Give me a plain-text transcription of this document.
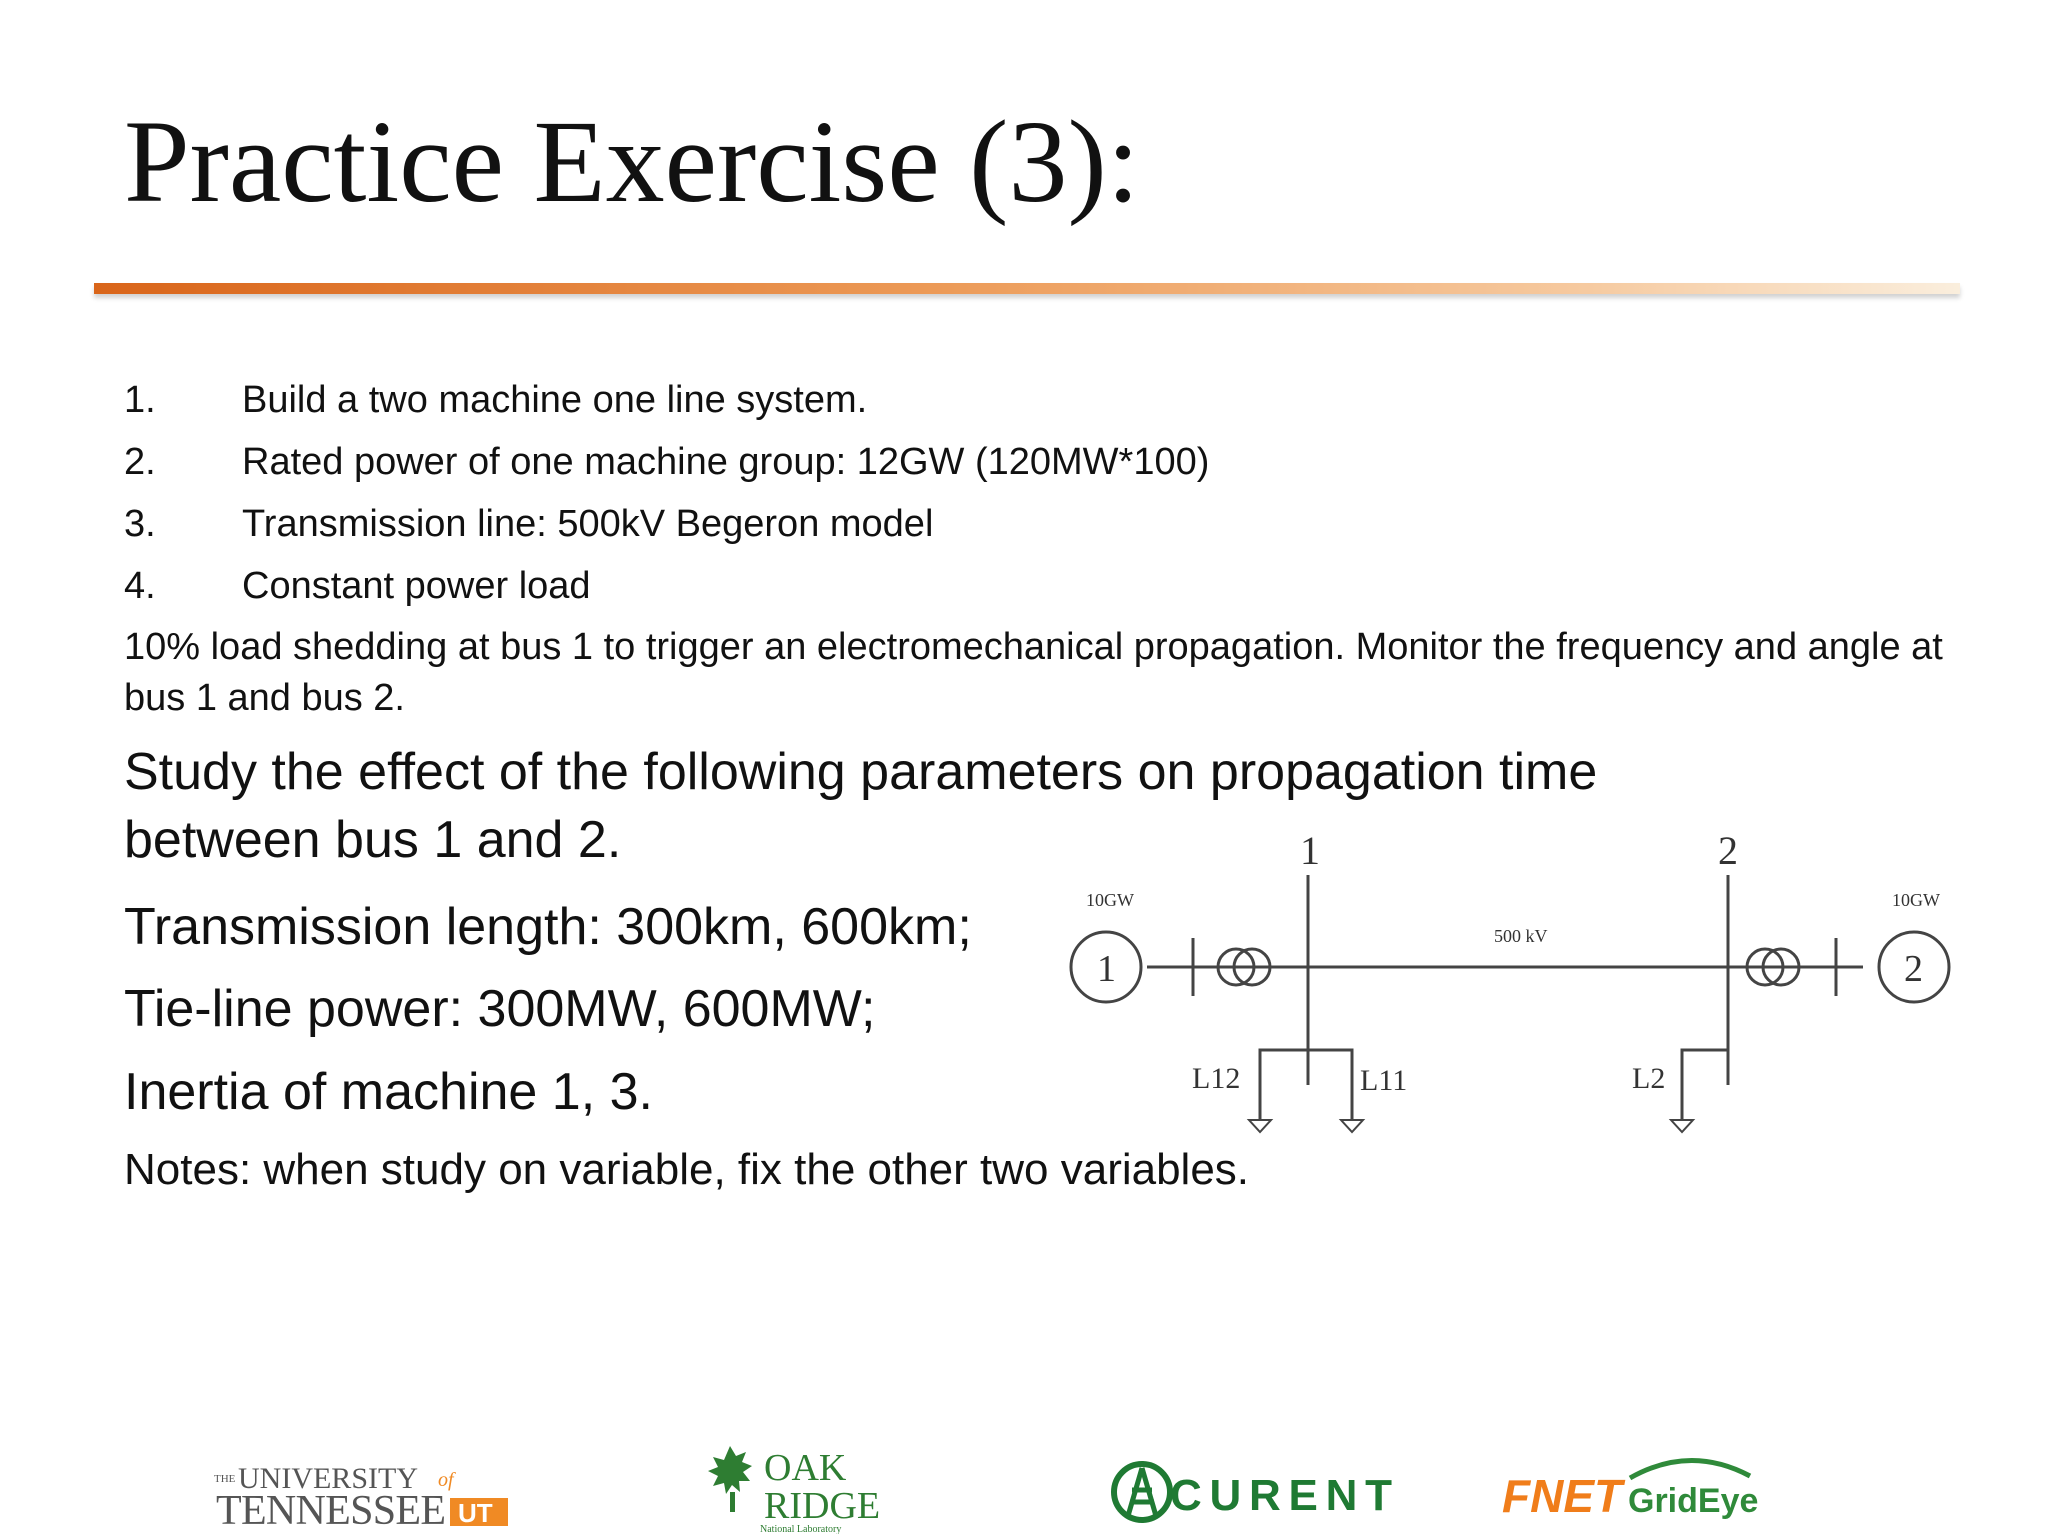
Practice Exercise (3):
1. Build a two machine one line system.
2. Rated power of one machine group: 12GW (120MW*100)
3. Transmission line: 500kV Begeron model
4. Constant power load

10% load shedding at bus 1 to trigger an electromechanical propagation. Monitor the frequency and angle at bus 1 and bus 2.

Study the effect of the following parameters on propagation time
between bus 1 and 2.
Transmission length: 300km, 600km;
Tie-line power: 300MW, 600MW;
Inertia of machine 1, 3.
Notes: when study on variable, fix the other two variables.
1	2
1	2
10GW	10GW
500 kV
L12	L11	L2
THE UNIVERSITY of
TENNESSEE UT
OAK
RIDGE
National Laboratory
CURENT FNET GridEye
